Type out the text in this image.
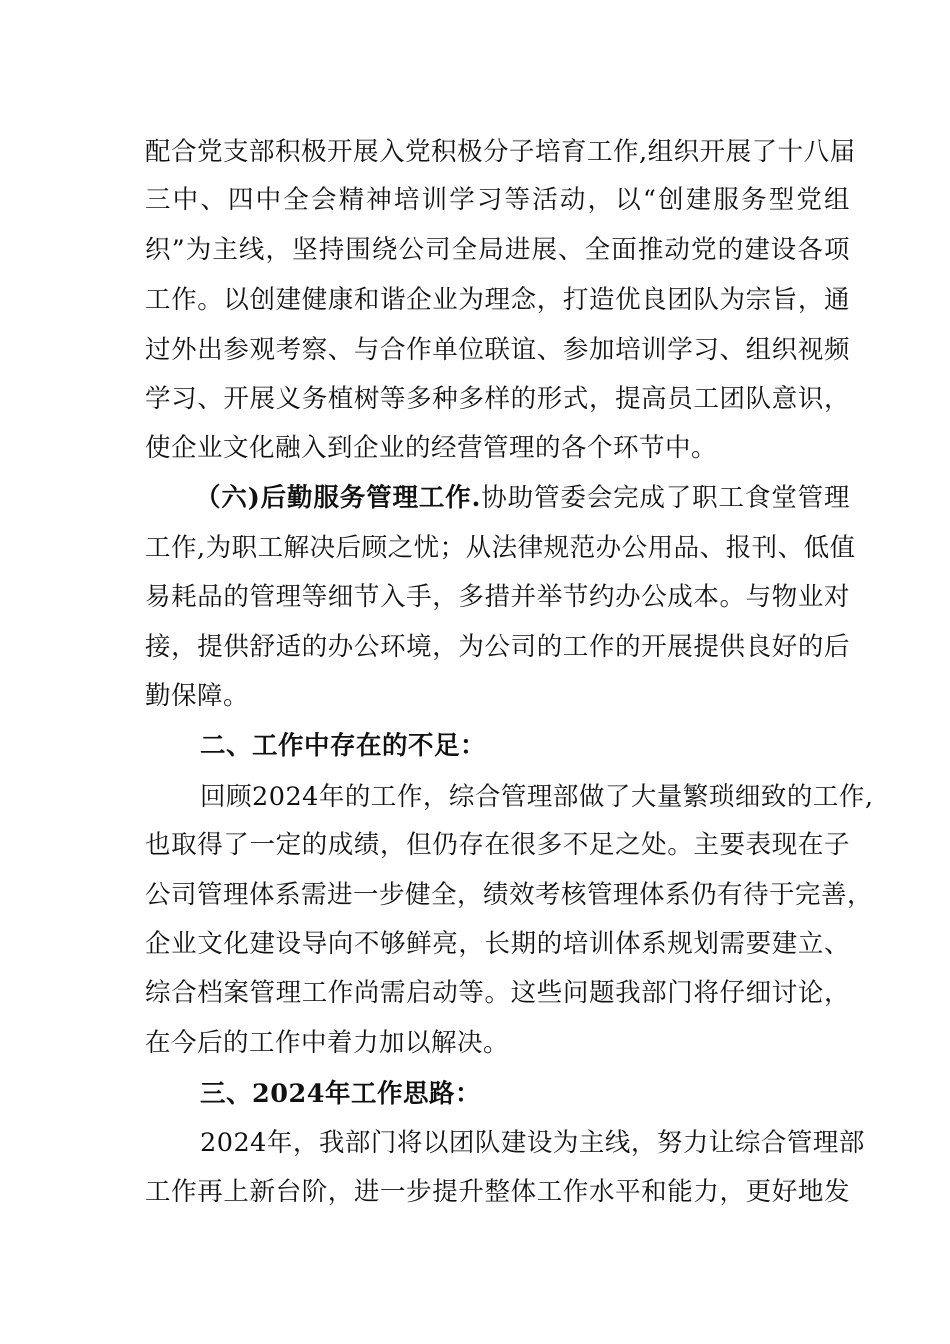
配合党支部积极开展入党积极分子培育工作,组织开展了十八届
三中、四中全会精神培训学习等活动，以“创建服务型党组
织”为主线，坚持围绕公司全局进展、全面推动党的建设各项
工作。以创建健康和谐企业为理念，打造优良团队为宗旨，通
过外出参观考察、与合作单位联谊、参加培训学习、组织视频
学习、开展义务植树等多种多样的形式，提高员工团队意识，
使企业文化融入到企业的经营管理的各个环节中。
（六)后勤服务管理工作.协助管委会完成了职工食堂管理
工作,为职工解决后顾之忧；从法律规范办公用品、报刊、低值
易耗品的管理等细节入手，多措并举节约办公成本。与物业对
接，提供舒适的办公环境，为公司的工作的开展提供良好的后
勤保障。
二、工作中存在的不足：
回顾2024年的工作，综合管理部做了大量繁琐细致的工作,
也取得了一定的成绩，但仍存在很多不足之处。主要表现在子
公司管理体系需进一步健全，绩效考核管理体系仍有待于完善，
企业文化建设导向不够鲜亮，长期的培训体系规划需要建立、
综合档案管理工作尚需启动等。这些问题我部门将仔细讨论，
在今后的工作中着力加以解决。
三、2024年工作思路：
2024年，我部门将以团队建设为主线，努力让综合管理部
工作再上新台阶，进一步提升整体工作水平和能力，更好地发
